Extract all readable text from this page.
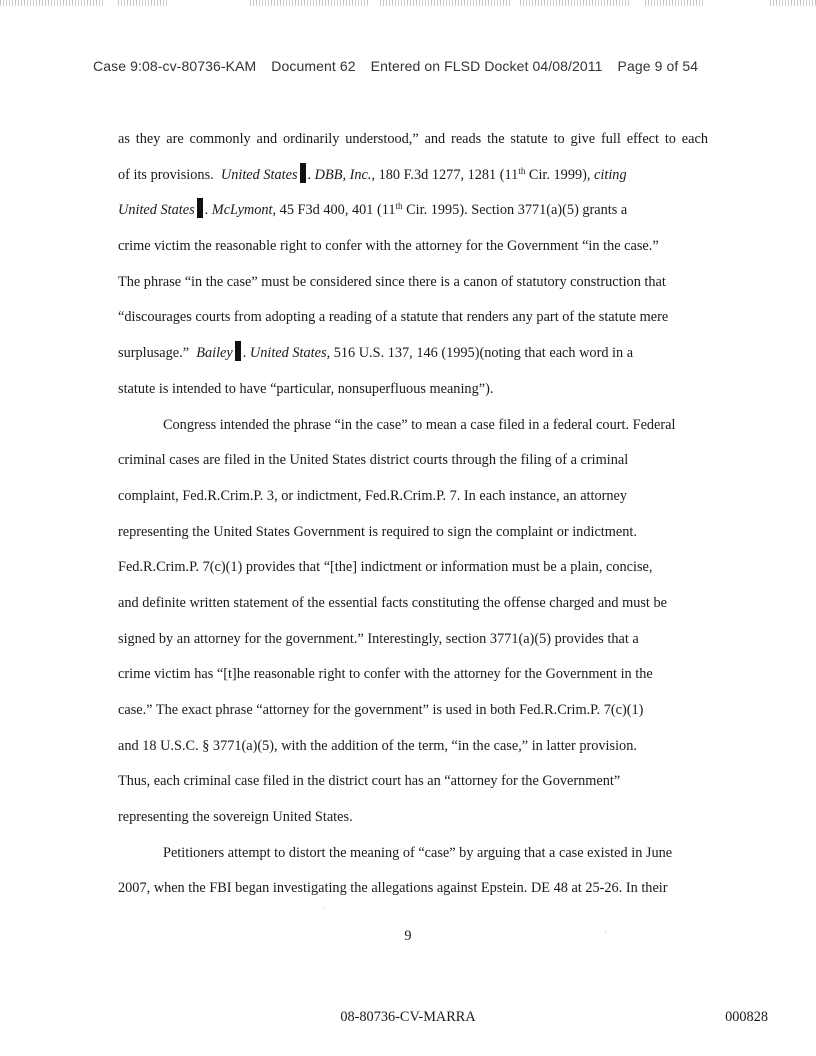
Case 9:08-cv-80736-KAM Document 62 Entered on FLSD Docket 04/08/2011 Page 9 of 54
as they are commonly and ordinarily understood,” and reads the statute to give full effect to each
of its provisions. United States . DBB, Inc., 180 F.3d 1277, 1281 (11th Cir. 1999), citing
United States . McLymont, 45 F3d 400, 401 (11th Cir. 1995). Section 3771(a)(5) grants a
crime victim the reasonable right to confer with the attorney for the Government “in the case.”
The phrase “in the case” must be considered since there is a canon of statutory construction that
“discourages courts from adopting a reading of a statute that renders any part of the statute mere
surplusage.” Bailey . United States, 516 U.S. 137, 146 (1995)(noting that each word in a
statute is intended to have “particular, nonsuperfluous meaning”).
Congress intended the phrase “in the case” to mean a case filed in a federal court. Federal
criminal cases are filed in the United States district courts through the filing of a criminal
complaint, Fed.R.Crim.P. 3, or indictment, Fed.R.Crim.P. 7. In each instance, an attorney
representing the United States Government is required to sign the complaint or indictment.
Fed.R.Crim.P. 7(c)(1) provides that “[the] indictment or information must be a plain, concise,
and definite written statement of the essential facts constituting the offense charged and must be
signed by an attorney for the government.” Interestingly, section 3771(a)(5) provides that a
crime victim has “[t]he reasonable right to confer with the attorney for the Government in the
case.” The exact phrase “attorney for the government” is used in both Fed.R.Crim.P. 7(c)(1)
and 18 U.S.C. § 3771(a)(5), with the addition of the term, “in the case,” in latter provision.
Thus, each criminal case filed in the district court has an “attorney for the Government”
representing the sovereign United States.
Petitioners attempt to distort the meaning of “case” by arguing that a case existed in June
2007, when the FBI began investigating the allegations against Epstein. DE 48 at 25-26. In their
9
08-80736-CV-MARRA	000828
